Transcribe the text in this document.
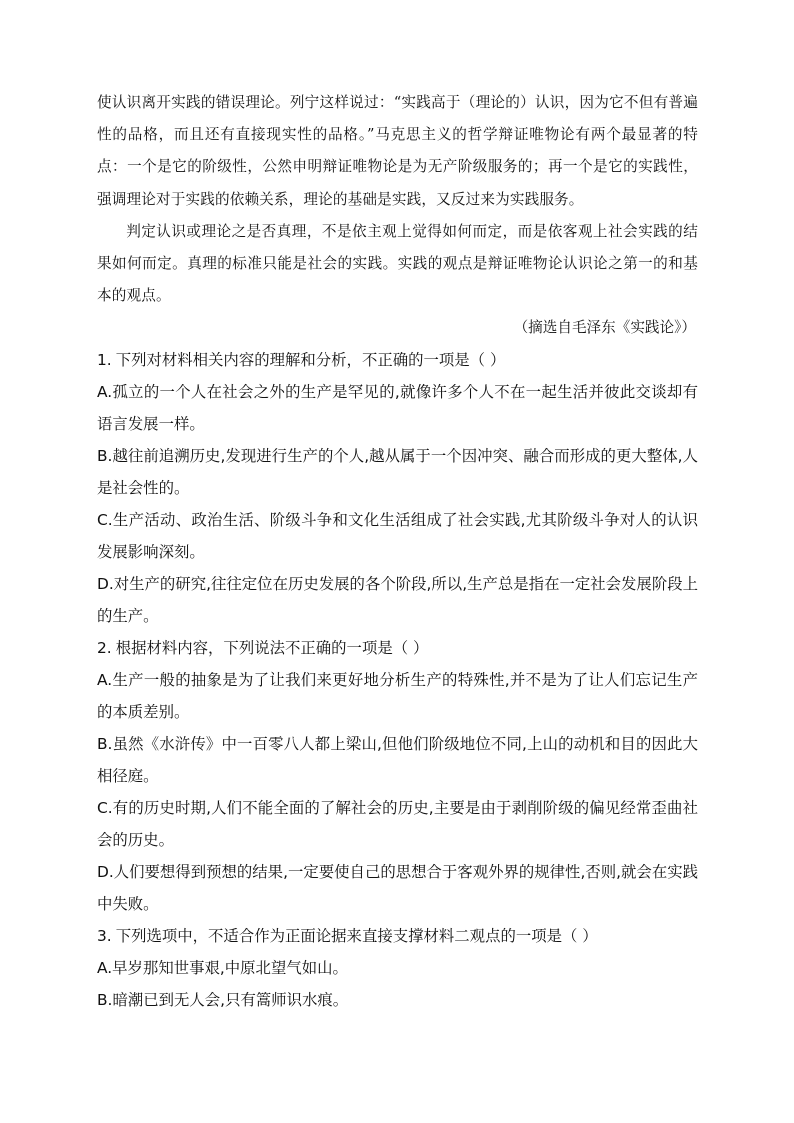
使认识离开实践的错误理论。列宁这样说过：“实践高于（理论的）认识，因为它不但有普遍性的品格，而且还有直接现实性的品格。”马克思主义的哲学辩证唯物论有两个最显著的特点：一个是它的阶级性，公然申明辩证唯物论是为无产阶级服务的；再一个是它的实践性，强调理论对于实践的依赖关系，理论的基础是实践，又反过来为实践服务。

判定认识或理论之是否真理，不是依主观上觉得如何而定，而是依客观上社会实践的结果如何而定。真理的标准只能是社会的实践。实践的观点是辩证唯物论认识论之第一的和基本的观点。

（摘选自毛泽东《实践论》）

1. 下列对材料相关内容的理解和分析，不正确的一项是（ ）

A.孤立的一个人在社会之外的生产是罕见的,就像许多个人不在一起生活并彼此交谈却有语言发展一样。

B.越往前追溯历史,发现进行生产的个人,越从属于一个因冲突、融合而形成的更大整体,人是社会性的。

C.生产活动、政治生活、阶级斗争和文化生活组成了社会实践,尤其阶级斗争对人的认识发展影响深刻。

D.对生产的研究,往往定位在历史发展的各个阶段,所以,生产总是指在一定社会发展阶段上的生产。

2. 根据材料内容，下列说法不正确的一项是（ ）

A.生产一般的抽象是为了让我们来更好地分析生产的特殊性,并不是为了让人们忘记生产的本质差别。

B.虽然《水浒传》中一百零八人都上梁山,但他们阶级地位不同,上山的动机和目的因此大相径庭。

C.有的历史时期,人们不能全面的了解社会的历史,主要是由于剥削阶级的偏见经常歪曲社会的历史。

D.人们要想得到预想的结果,一定要使自己的思想合于客观外界的规律性,否则,就会在实践中失败。

3. 下列选项中，不适合作为正面论据来直接支撑材料二观点的一项是（ ）

A.早岁那知世事艰,中原北望气如山。

B.暗潮已到无人会,只有篙师识水痕。
